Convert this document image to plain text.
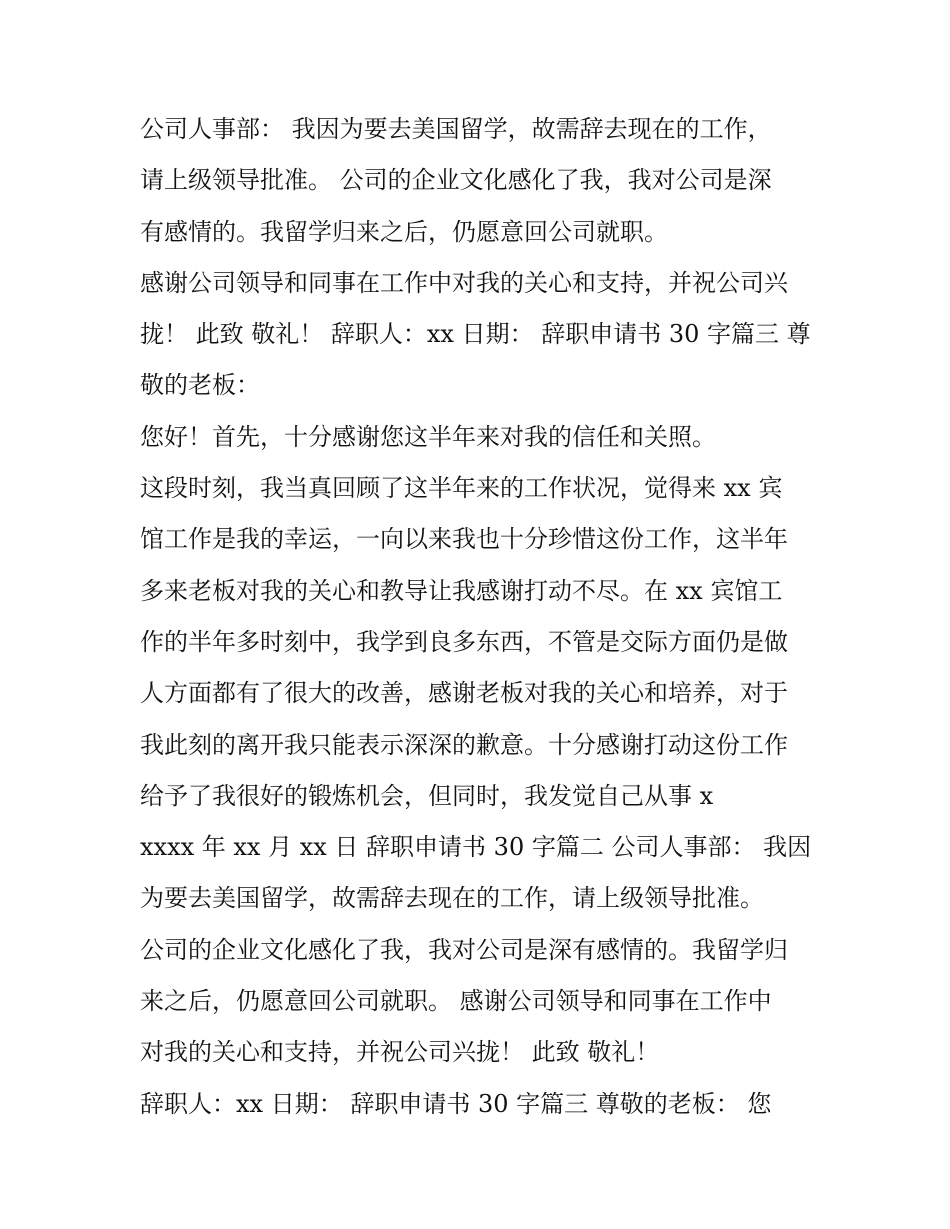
公司人事部： 我因为要去美国留学，故需辞去现在的工作，
请上级领导批准。 公司的企业文化感化了我，我对公司是深
有感情的。我留学归来之后，仍愿意回公司就职。
感谢公司领导和同事在工作中对我的关心和支持，并祝公司兴
拢！ 此致 敬礼！ 辞职人：xx 日期： 辞职申请书 30 字篇三 尊
敬的老板：
您好！首先，十分感谢您这半年来对我的信任和关照。
这段时刻，我当真回顾了这半年来的工作状况，觉得来 xx 宾
馆工作是我的幸运，一向以来我也十分珍惜这份工作，这半年
多来老板对我的关心和教导让我感谢打动不尽。在 xx 宾馆工
作的半年多时刻中，我学到良多东西，不管是交际方面仍是做
人方面都有了很大的改善，感谢老板对我的关心和培养，对于
我此刻的离开我只能表示深深的歉意。十分感谢打动这份工作
给予了我很好的锻炼机会，但同时，我发觉自己从事 x
xxxx 年 xx 月 xx 日 辞职申请书 30 字篇二 公司人事部： 我因
为要去美国留学，故需辞去现在的工作，请上级领导批准。
公司的企业文化感化了我，我对公司是深有感情的。我留学归
来之后，仍愿意回公司就职。 感谢公司领导和同事在工作中
对我的关心和支持，并祝公司兴拢！ 此致 敬礼！
辞职人：xx 日期： 辞职申请书 30 字篇三 尊敬的老板： 您
